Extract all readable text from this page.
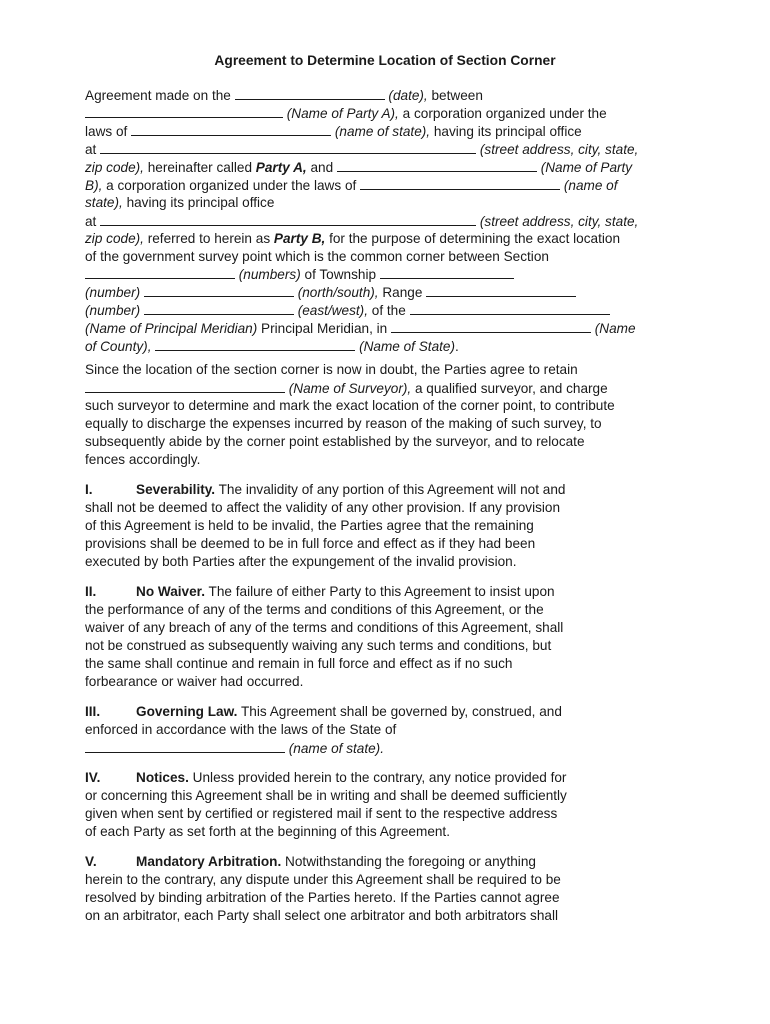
Agreement to Determine Location of Section Corner
Agreement made on the	(date), between
(Name of Party A), a corporation organized under the
laws of	(name of state), having its principal office
at	(street address, city, state,
zip code), hereinafter called Party A, and	(Name of Party
B), a corporation organized under the laws of	(name of
state), having its principal office
at	(street address, city, state,
zip code), referred to herein as Party B, for the purpose of determining the exact location
of the government survey point which is the common corner between Section
(numbers) of Township
(number)	(north/south), Range
(number)	(east/west), of the
(Name of Principal Meridian) Principal Meridian, in	(Name
of County),	(Name of State).
Since the location of the section corner is now in doubt, the Parties agree to retain
(Name of Surveyor), a qualified surveyor, and charge
such surveyor to determine and mark the exact location of the corner point, to contribute
equally to discharge the expenses incurred by reason of the making of such survey, to
subsequently abide by the corner point established by the surveyor, and to relocate
fences accordingly.
I.	Severability. The invalidity of any portion of this Agreement will not and
shall not be deemed to affect the validity of any other provision. If any provision
of this Agreement is held to be invalid, the Parties agree that the remaining
provisions shall be deemed to be in full force and effect as if they had been
executed by both Parties after the expungement of the invalid provision.
II.	No Waiver. The failure of either Party to this Agreement to insist upon
the performance of any of the terms and conditions of this Agreement, or the
waiver of any breach of any of the terms and conditions of this Agreement, shall
not be construed as subsequently waiving any such terms and conditions, but
the same shall continue and remain in full force and effect as if no such
forbearance or waiver had occurred.
III.	Governing Law. This Agreement shall be governed by, construed, and
enforced in accordance with the laws of the State of
(name of state).
IV.	Notices. Unless provided herein to the contrary, any notice provided for
or concerning this Agreement shall be in writing and shall be deemed sufficiently
given when sent by certified or registered mail if sent to the respective address
of each Party as set forth at the beginning of this Agreement.
V.	Mandatory Arbitration. Notwithstanding the foregoing or anything
herein to the contrary, any dispute under this Agreement shall be required to be
resolved by binding arbitration of the Parties hereto. If the Parties cannot agree
on an arbitrator, each Party shall select one arbitrator and both arbitrators shall
